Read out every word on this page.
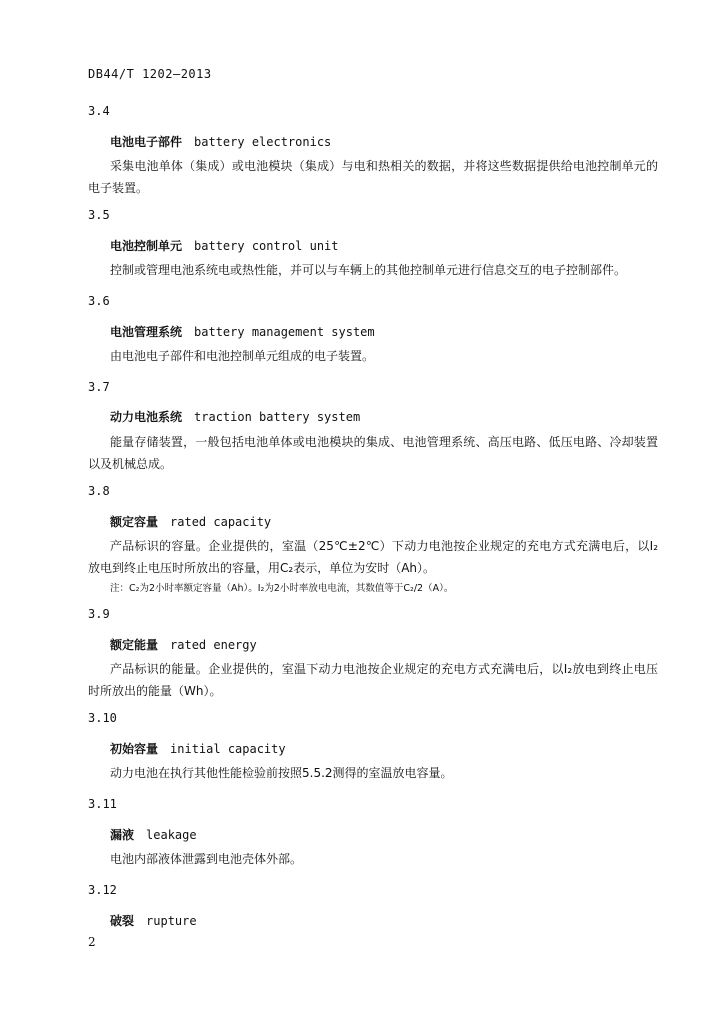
DB44/T 1202—2013
3.4
电池电子部件 battery electronics
采集电池单体（集成）或电池模块（集成）与电和热相关的数据，并将这些数据提供给电池控制单元的电子装置。
3.5
电池控制单元 battery control unit
控制或管理电池系统电或热性能，并可以与车辆上的其他控制单元进行信息交互的电子控制部件。
3.6
电池管理系统 battery management system
由电池电子部件和电池控制单元组成的电子装置。
3.7
动力电池系统 traction battery system
能量存储装置，一般包括电池单体或电池模块的集成、电池管理系统、高压电路、低压电路、冷却装置以及机械总成。
3.8
额定容量 rated capacity
产品标识的容量。企业提供的，室温（25℃±2℃）下动力电池按企业规定的充电方式充满电后，以I₂放电到终止电压时所放出的容量，用C₂表示，单位为安时（Ah）。
注：C₂为2小时率额定容量（Ah）。I₂为2小时率放电电流，其数值等于C₂/2（A）。
3.9
额定能量 rated energy
产品标识的能量。企业提供的，室温下动力电池按企业规定的充电方式充满电后，以I₂放电到终止电压时所放出的能量（Wh）。
3.10
初始容量 initial capacity
动力电池在执行其他性能检验前按照5.5.2测得的室温放电容量。
3.11
漏液 leakage
电池内部液体泄露到电池壳体外部。
3.12
破裂 rupture
2
